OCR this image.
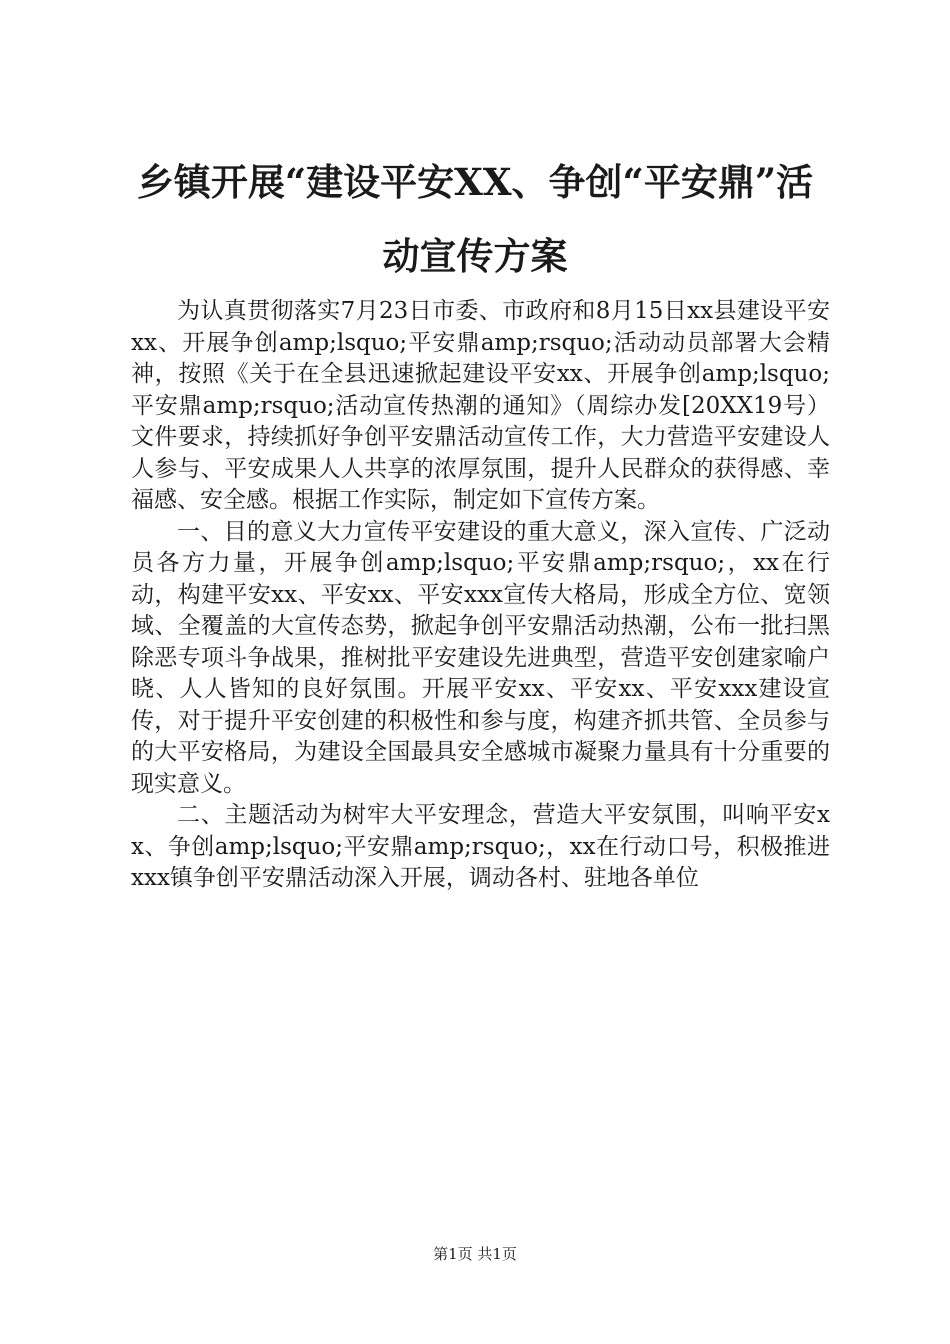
乡镇开展“建设平安XX、争创“平安鼎”活
动宣传方案

为认真贯彻落实7月23日市委、市政府和8月15日xx县建设平安xx、开展争创amp;lsquo;平安鼎amp;rsquo;活动动员部署大会精神，按照《关于在全县迅速掀起建设平安xx、开展争创amp;lsquo;平安鼎amp;rsquo;活动宣传热潮的通知》（周综办发[20XX19号）文件要求，持续抓好争创平安鼎活动宣传工作，大力营造平安建设人人参与、平安成果人人共享的浓厚氛围，提升人民群众的获得感、幸福感、安全感。根据工作实际，制定如下宣传方案。

一、目的意义大力宣传平安建设的重大意义，深入宣传、广泛动员各方力量，开展争创amp;lsquo;平安鼎amp;rsquo;，xx在行动，构建平安xx、平安xx、平安xxx宣传大格局，形成全方位、宽领域、全覆盖的大宣传态势，掀起争创平安鼎活动热潮，公布一批扫黑除恶专项斗争战果，推树批平安建设先进典型，营造平安创建家喻户晓、人人皆知的良好氛围。开展平安xx、平安xx、平安xxx建设宣传，对于提升平安创建的积极性和参与度，构建齐抓共管、全员参与的大平安格局，为建设全国最具安全感城市凝聚力量具有十分重要的现实意义。

二、主题活动为树牢大平安理念，营造大平安氛围，叫响平安xx、争创amp;lsquo;平安鼎amp;rsquo;，xx在行动口号，积极推进xxx镇争创平安鼎活动深入开展，调动各村、驻地各单位

第1页 共1页
